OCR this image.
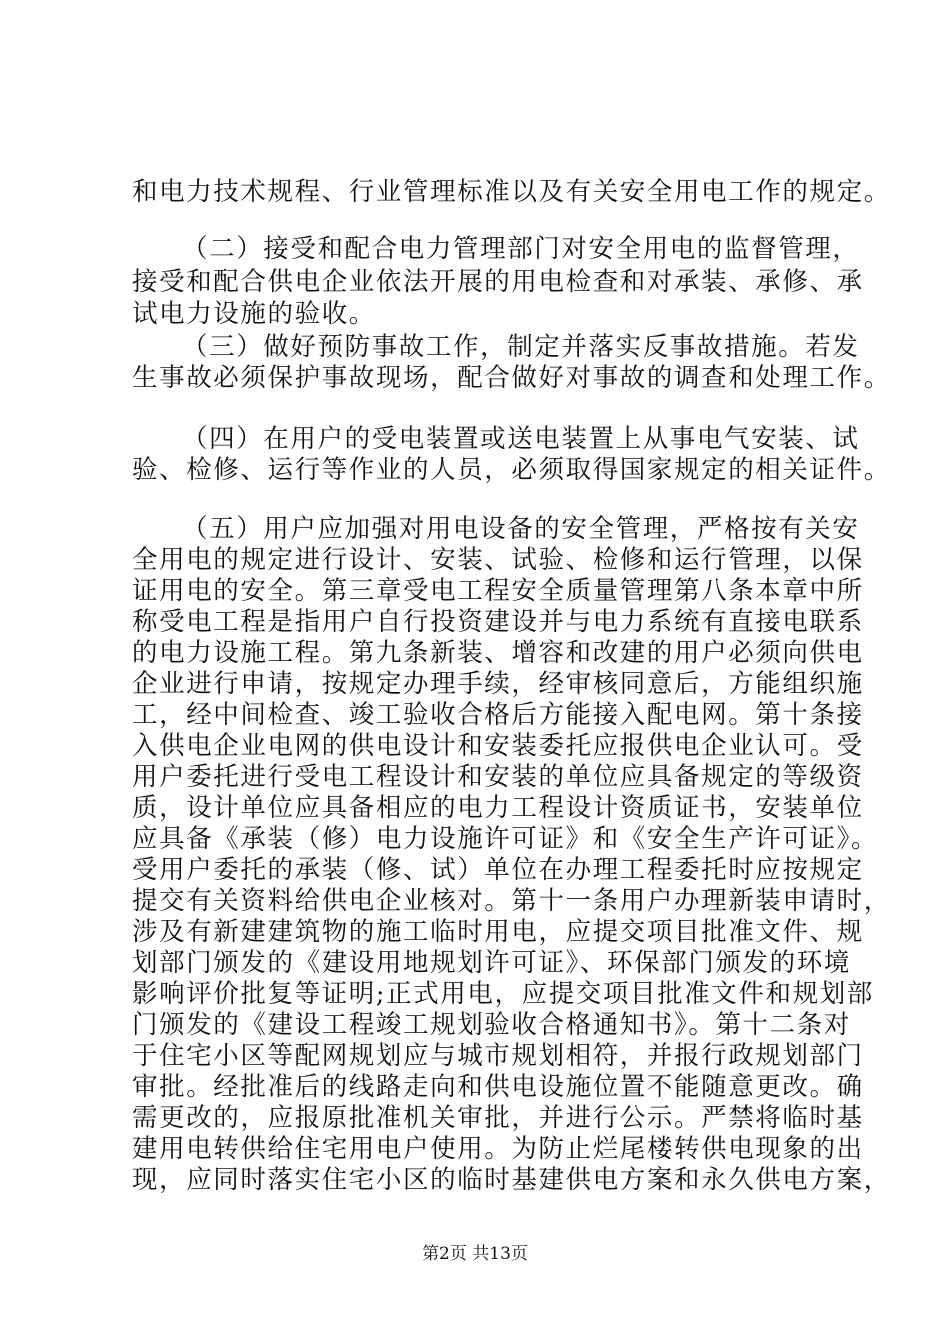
和电力技术规程、行业管理标准以及有关安全用电工作的规定。
（二）接受和配合电力管理部门对安全用电的监督管理，
接受和配合供电企业依法开展的用电检查和对承装、承修、承
试电力设施的验收。
（三）做好预防事故工作，制定并落实反事故措施。若发
生事故必须保护事故现场，配合做好对事故的调查和处理工作。
（四）在用户的受电装置或送电装置上从事电气安装、试
验、检修、运行等作业的人员，必须取得国家规定的相关证件。
（五）用户应加强对用电设备的安全管理，严格按有关安
全用电的规定进行设计、安装、试验、检修和运行管理，以保
证用电的安全。第三章受电工程安全质量管理第八条本章中所
称受电工程是指用户自行投资建设并与电力系统有直接电联系
的电力设施工程。第九条新装、增容和改建的用户必须向供电
企业进行申请，按规定办理手续，经审核同意后，方能组织施
工，经中间检查、竣工验收合格后方能接入配电网。第十条接
入供电企业电网的供电设计和安装委托应报供电企业认可。受
用户委托进行受电工程设计和安装的单位应具备规定的等级资
质，设计单位应具备相应的电力工程设计资质证书，安装单位
应具备《承装（修）电力设施许可证》和《安全生产许可证》。
受用户委托的承装（修、试）单位在办理工程委托时应按规定
提交有关资料给供电企业核对。第十一条用户办理新装申请时，
涉及有新建建筑物的施工临时用电，应提交项目批准文件、规
划部门颁发的《建设用地规划许可证》、环保部门颁发的环境
影响评价批复等证明;正式用电，应提交项目批准文件和规划部
门颁发的《建设工程竣工规划验收合格通知书》。第十二条对
于住宅小区等配网规划应与城市规划相符，并报行政规划部门
审批。经批准后的线路走向和供电设施位置不能随意更改。确
需更改的，应报原批准机关审批，并进行公示。严禁将临时基
建用电转供给住宅用电户使用。为防止烂尾楼转供电现象的出
现，应同时落实住宅小区的临时基建供电方案和永久供电方案，
第2页 共13页
